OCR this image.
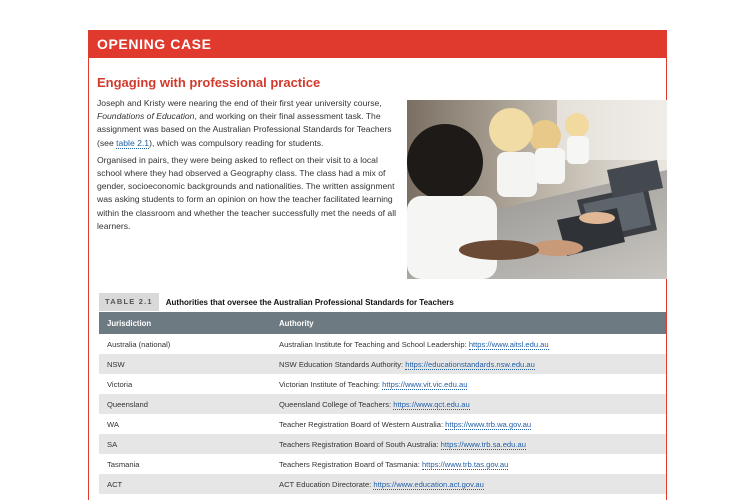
OPENING CASE
Engaging with professional practice

Joseph and Kristy were nearing the end of their first year university course, Foundations of Education, and working on their final assessment task. The assignment was based on the Australian Professional Standards for Teachers (see table 2.1), which was compulsory reading for students.

Organised in pairs, they were being asked to reflect on their visit to a local school where they had observed a Geography class. The class had a mix of gender, socioeconomic backgrounds and nationalities. The written assignment was asking students to form an opinion on how the teacher facilitated learning within the classroom and whether the teacher successfully met the needs of all learners.

TABLE 2.1	Authorities that oversee the Australian Professional Standards for Teachers
Jurisdiction	Authority
Australia (national)	Australian Institute for Teaching and School Leadership: https://www.aitsl.edu.au
NSW	NSW Education Standards Authority: https://educationstandards.nsw.edu.au
Victoria	Victorian Institute of Teaching: https://www.vit.vic.edu.au
Queensland	Queensland College of Teachers: https://www.qct.edu.au
WA	Teacher Registration Board of Western Australia: https://www.trb.wa.gov.au
SA	Teachers Registration Board of South Australia: https://www.trb.sa.edu.au
Tasmania	Teachers Registration Board of Tasmania: https://www.trb.tas.gov.au
ACT	ACT Education Directorate: https://www.education.act.gov.au
